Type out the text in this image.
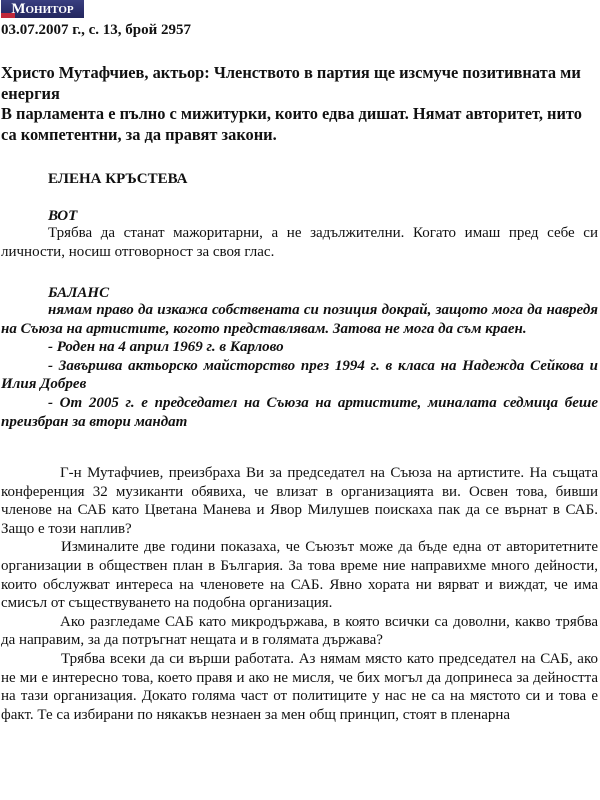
Монитор
03.07.2007 г., с. 13, брой 2957
Христо Мутафчиев, актьор: Членството в партия ще изсмуче позитивната ми енергия
В парламента е пълно с мижитурки, които едва дишат. Нямат авторитет, нито са компетентни, за да правят закони.
ЕЛЕНА КРЪСТЕВА
ВОТ

Трябва да станат мажоритарни, а не задължителни. Когато имаш пред себе си личности, носиш отговорност за своя глас.

БАЛАНС

нямам право да изкажа собствената си позиция докрай, защото мога да навредя на Съюза на артистите, когото представлявам. Затова не мога да съм краен.

- Роден на 4 април 1969 г. в Карлово

- Завършва актьорско майсторство през 1994 г. в класа на Надежда Сейкова и Илия Добрев

- От 2005 г. е председател на Съюза на артистите, миналата седмица беше преизбран за втори мандат

Г-н Мутафчиев, преизбраха Ви за председател на Съюза на артистите. На същата конференция 32 музиканти обявиха, че влизат в организацията ви. Освен това, бивши членове на САБ като Цветана Манева и Явор Милушев поискаха пак да се върнат в САБ. Защо е този наплив?

Изминалите две години показаха, че Съюзът може да бъде една от авторитетните организации в обществен план в България. За това време ние направихме много дейности, които обслужват интереса на членовете на САБ. Явно хората ни вярват и виждат, че има смисъл от съществуването на подобна организация.

Ако разгледаме САБ като микродържава, в която всички са доволни, какво трябва да направим, за да потръгнат нещата и в голямата държава?

Трябва всеки да си върши работата. Аз нямам място като председател на САБ, ако не ми е интересно това, което правя и ако не мисля, че бих могъл да допринеса за дейността на тази организация. Докато голяма част от политиците у нас не са на мястото си и това е факт. Те са избирани по някакъв незнаен за мен общ принцип, стоят в пленарна
